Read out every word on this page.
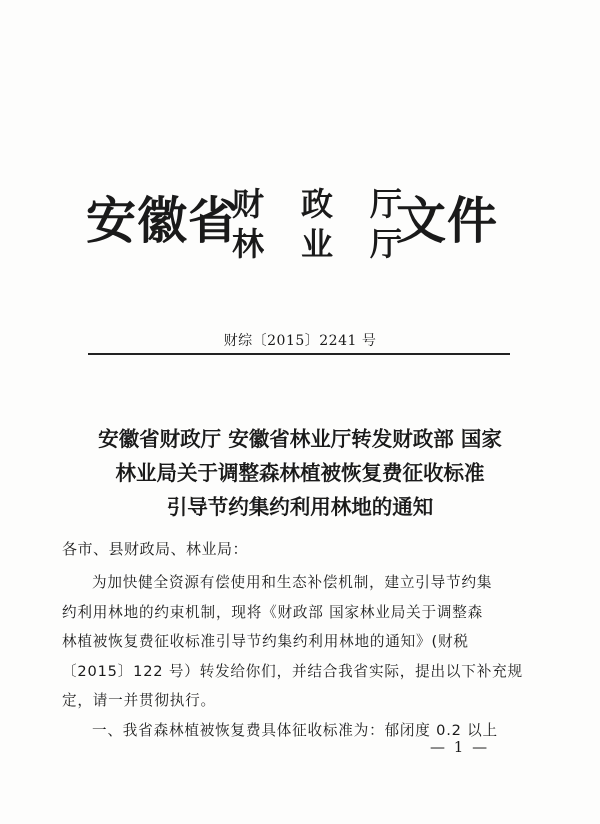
安徽省
财 政 厅
林 业 厅
文件
财综〔2015〕2241 号
安徽省财政厅 安徽省林业厅转发财政部 国家
林业局关于调整森林植被恢复费征收标准
引导节约集约利用林地的通知
各市、县财政局、林业局：
为加快健全资源有偿使用和生态补偿机制，建立引导节约集
约利用林地的约束机制，现将《财政部 国家林业局关于调整森
林植被恢复费征收标准引导节约集约利用林地的通知》(财税
〔2015〕122 号）转发给你们，并结合我省实际，提出以下补充规
定，请一并贯彻执行。
一、我省森林植被恢复费具体征收标准为：郁闭度 0.2 以上
— 1 —
